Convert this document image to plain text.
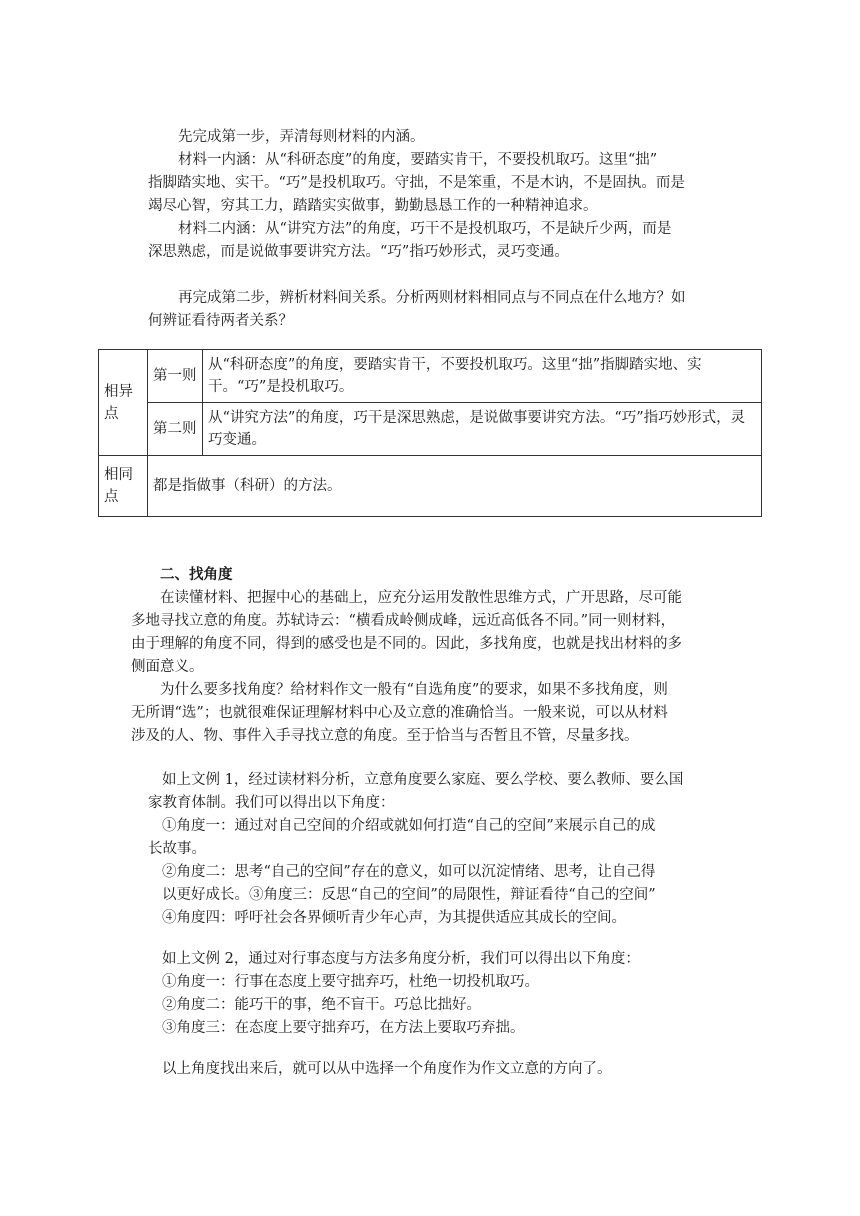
先完成第一步，弄清每则材料的内涵。
材料一内涵：从“科研态度”的角度，要踏实肯干，不要投机取巧。这里“拙”
指脚踏实地、实干。“巧”是投机取巧。守拙，不是笨重，不是木讷，不是固执。而是
竭尽心智，穷其工力，踏踏实实做事，勤勤恳恳工作的一种精神追求。
材料二内涵：从“讲究方法”的角度，巧干不是投机取巧，不是缺斤少两，而是
深思熟虑，而是说做事要讲究方法。“巧”指巧妙形式，灵巧变通。
再完成第二步，辨析材料间关系。分析两则材料相同点与不同点在什么地方？如
何辨证看待两者关系？
相异点	第一则	从“科研态度”的角度，要踏实肯干，不要投机取巧。这里“拙”指脚踏实地、实干。“巧”是投机取巧。
	第二则	从“讲究方法”的角度，巧干是深思熟虑，是说做事要讲究方法。“巧”指巧妙形式，灵巧变通。
相同点	都是指做事（科研）的方法。	
二、找角度
在读懂材料、把握中心的基础上，应充分运用发散性思维方式，广开思路，尽可能
多地寻找立意的角度。苏轼诗云：“横看成岭侧成峰，远近高低各不同。”同一则材料，
由于理解的角度不同，得到的感受也是不同的。因此，多找角度，也就是找出材料的多
侧面意义。
为什么要多找角度？给材料作文一般有“自选角度”的要求，如果不多找角度，则
无所谓“选”；也就很难保证理解材料中心及立意的准确恰当。一般来说，可以从材料
涉及的人、物、事件入手寻找立意的角度。至于恰当与否暂且不管，尽量多找。
如上文例 1，经过读材料分析，立意角度要么家庭、要么学校、要么教师、要么国
家教育体制。我们可以得出以下角度：
①角度一：通过对自己空间的介绍或就如何打造“自己的空间”来展示自己的成
长故事。
②角度二：思考“自己的空间”存在的意义，如可以沉淀情绪、思考，让自己得
以更好成长。③角度三：反思“自己的空间”的局限性，辩证看待“自己的空间”
④角度四：呼吁社会各界倾听青少年心声，为其提供适应其成长的空间。
如上文例 2，通过对行事态度与方法多角度分析，我们可以得出以下角度：
①角度一：行事在态度上要守拙弃巧，杜绝一切投机取巧。
②角度二：能巧干的事，绝不盲干。巧总比拙好。
③角度三：在态度上要守拙弃巧，在方法上要取巧弃拙。
以上角度找出来后，就可以从中选择一个角度作为作文立意的方向了。
